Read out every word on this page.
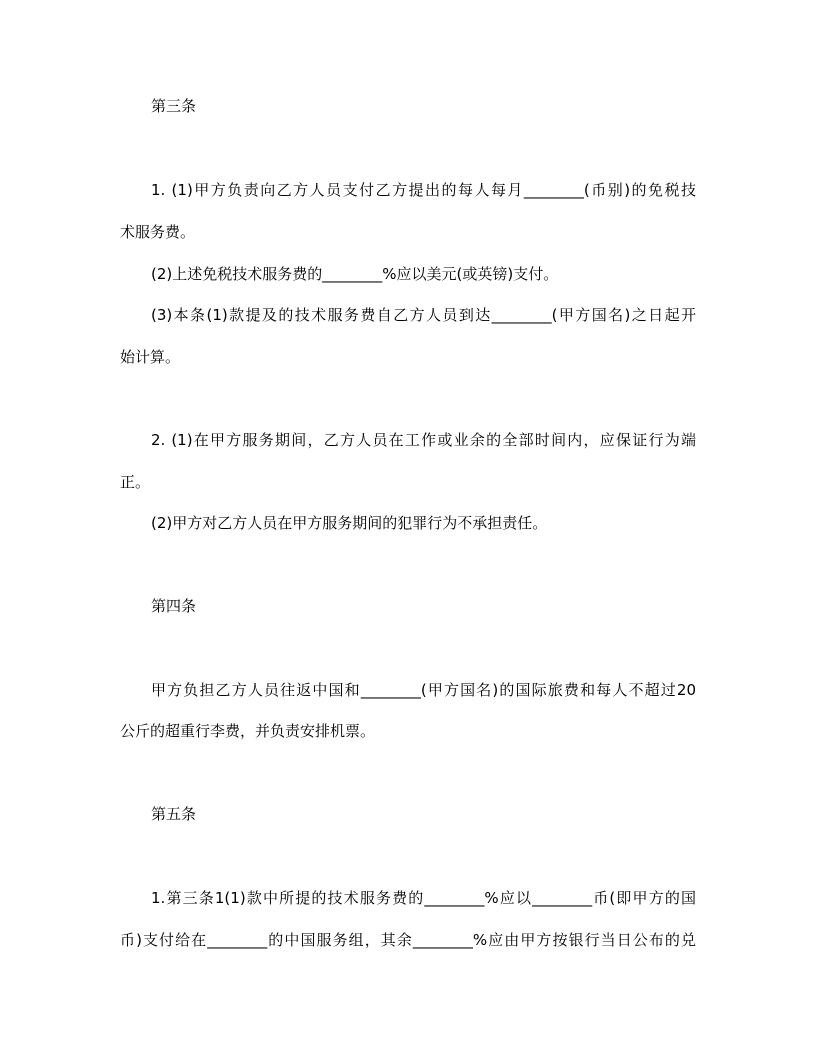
第三条
1. (1)甲方负责向乙方人员支付乙方提出的每人每月________(币别)的免税技
术服务费。
(2)上述免税技术服务费的________%应以美元(或英镑)支付。
(3)本条(1)款提及的技术服务费自乙方人员到达________(甲方国名)之日起开
始计算。
2. (1)在甲方服务期间，乙方人员在工作或业余的全部时间内，应保证行为端
正。
(2)甲方对乙方人员在甲方服务期间的犯罪行为不承担责任。
第四条
甲方负担乙方人员往返中国和________(甲方国名)的国际旅费和每人不超过20
公斤的超重行李费，并负责安排机票。
第五条
1.第三条1(1)款中所提的技术服务费的________%应以________币(即甲方的国
币)支付给在________的中国服务组，其余________%应由甲方按银行当日公布的兑
